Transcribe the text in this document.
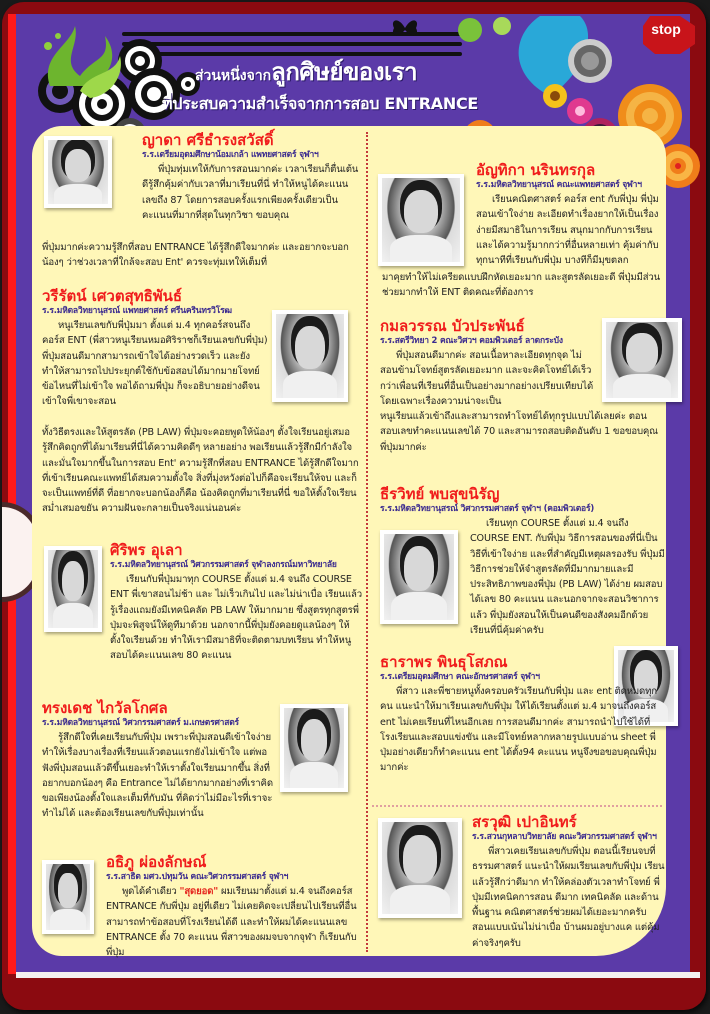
stop
ส่วนหนึ่งจากลูกศิษย์ของเรา
ที่ประสบความสำเร็จจากการสอบ ENTRANCE
ญาดา ศรีธำรงสวัสดิ์
ร.ร.เตรียมอุดมศึกษาน้อมเกล้า แพทยศาสตร์ จุฬาฯ
พี่ปุ่มทุ่มเทให้กับการสอนมากค่ะ เวลาเรียนก็ตื่นเต้นดีรู้สึกคุ้มค่ากับเวลาที่มาเรียนที่นี่ ทำให้หนูได้คะแนนเลขถึง 87 โดยการสอบครั้งแรกเพียงครั้งเดียวเป็นคะแนนที่มากที่สุดในทุกวิชา ขอบคุณ
พี่ปุ่มมากค่ะความรู้สึกที่สอบ ENTRANCE ได้รู้สึกดีใจมากค่ะ และอยากจะบอกน้องๆ ว่าช่วงเวลาที่ใกล้จะสอบ Ent' ควรจะทุ่มเทให้เต็มที่
วรีรัตน์ เศวตสุทธิพันธ์
ร.ร.มหิดลวิทยานุสรณ์ แพทยศาสตร์ ศรีนครินทรวิโรฒ
หนูเรียนเลขกับพี่ปุ่มมา ตั้งแต่ ม.4 ทุกคอร์สจนถึงคอร์ส ENT (พี่สาวหนูเรียนหมอศิริราชก็เรียนเลขกับพี่ปุ่ม) พี่ปุ่มสอนดีมากสามารถเข้าใจได้อย่างรวดเร็ว และยังทำให้สามารถไปประยุกต์ใช้กับข้อสอบได้มากมายโจทย์ข้อไหนที่ไม่เข้าใจ พอได้ถามพี่ปุ่ม ก็จะอธิบายอย่างดีจนเข้าใจพี่เขาจะสอน
ทั้งวิธีตรงและให้สูตรลัด (PB LAW) พี่ปุ่มจะคอยพูดให้น้องๆ ตั้งใจเรียนอยู่เสมอ รู้สึกคิดถูกที่ได้มาเรียนที่นี่ได้ความคิดดีๆ หลายอย่าง พอเรียนแล้วรู้สึกมีกำลังใจและมั่นใจมากขึ้นในการสอบ Ent' ความรู้สึกที่สอบ ENTRANCE ได้รู้สึกดีใจมากที่เข้าเรียนคณะแพทย์ได้สมความตั้งใจ สิ่งที่มุ่งหวังต่อไปก็คือจะเรียนให้จบ และก็จะเป็นแพทย์ที่ดี ที่อยากจะบอกน้องก็คือ น้องคิดถูกที่มาเรียนที่นี่ ขอให้ตั้งใจเรียนสม่ำเสมอขยัน ความฝันจะกลายเป็นจริงแน่นอนค่ะ
ศิริพร อุเลา
ร.ร.มหิดลวิทยานุสรณ์ วิศวกรรมศาสตร์ จุฬาลงกรณ์มหาวิทยาลัย
เรียนกับพี่ปุ่มมาทุก COURSE ตั้งแต่ ม.4 จนถึง COURSE ENT พี่เขาสอนไม่ช้า และ ไม่เร็วเกินไป และไม่น่าเบื่อ เรียนแล้วรู้เรื่องแถมยังมีเทคนิคลัด PB LAW ให้มากมาย ซึ่งสูตรทุกสูตรพี่ปุ่มจะพิสูจน์ให้ดูทีมาด้วย นอกจากนี้พี่ปุ่มยังคอยดูแลน้องๆ ให้ตั้งใจเรียนด้วย ทำให้เรามีสมาธิที่จะติดตามบทเรียน ทำให้หนูสอบได้คะแนนเลข 80 คะแนน
ทรงเดช ไกวัลโกศล
ร.ร.มหิดลวิทยานุสรณ์ วิศวกรรมศาสตร์ ม.เกษตรศาสตร์
รู้สึกดีใจที่เคยเรียนกับพี่ปุ่ม เพราะพี่ปุ่มสอนดีเข้าใจง่ายทำให้เรื่องบางเรื่องที่เรียนแล้วตอนแรกยังไม่เข้าใจ แต่พอฟังพี่ปุ่มสอนแล้วดีขึ้นเยอะทำให้เราตั้งใจเรียนมากขึ้น สิ่งที่อยากบอกน้องๆ คือ Entrance ไม่ได้ยากมากอย่างที่เราคิด ขอเพียงน้องตั้งใจและเต็มที่กับมัน ที่คิดว่าไม่มีอะไรที่เราจะทำไม่ได้ และต้องเรียนเลขกับพี่ปุ่มเท่านั้น
อธิภู ผ่องลักษณ์
ร.ร.สาธิต มศว.ปทุมวัน คณะวิศวกรรมศาสตร์ จุฬาฯ
พูดได้คำเดียว "สุดยอด" ผมเรียนมาตั้งแต่ ม.4 จนถึงคอร์ส ENTRANCE กับพี่ปุ่ม อยู่ที่เดียว ไม่เคยคิดจะเปลี่ยนไปเรียนที่อื่น สามารถทำข้อสอบที่โรงเรียนได้ดี และทำให้ผมได้คะแนนเลข ENTRANCE ตั้ง 70 คะแนน พี่สาวของผมจบจากจุฬา ก็เรียนกับพี่ปุ่ม
อัญทิกา นรินทรกุล
ร.ร.มหิดลวิทยานุสรณ์ คณะแพทยศาสตร์ จุฬาฯ
เรียนคณิตศาสตร์ คอร์ส ent กับพี่ปุ่ม พี่ปุ่มสอนเข้าใจง่าย ละเอียดทำเรื่องยากให้เป็นเรื่องง่ายมีสมาธิในการเรียน สนุกมากกับการเรียน และได้ความรู้มากกว่าที่อื่นหลายเท่า คุ้มค่ากับทุกนาทีที่เรียนกับพี่ปุ่ม บางทีก็มีมุขตลก
มาคุยทำให้ไม่เครียดแบบฝึกหัดเยอะมาก และสูตรลัดเยอะดี พี่ปุ่มมีส่วนช่วยมากทำให้ ENT ติดคณะที่ต้องการ
กมลวรรณ บัวประพันธ์
ร.ร.สตรีวิทยา 2 คณะวิศวฯ คอมพิวเตอร์ ลาดกระบัง
พี่ปุ่มสอนดีมากค่ะ สอนเนื้อหาละเอียดทุกจุด ไม่สอนข้ามโจทย์สูตรลัดเยอะมาก และจะคิดโจทย์ได้เร็วกว่าเพื่อนที่เรียนที่อื่นเป็นอย่างมากอย่างเปรียบเทียบได้ โดยเฉพาะเรื่องความน่าจะเป็น
หนูเรียนแล้วเข้าถึงและสามารถทำโจทย์ได้ทุกรูปแบบได้เลยค่ะ ตอนสอบเลขทำคะแนนเลขได้ 70 และสามารถสอบติดอันดับ 1 ขอขอบคุณพี่ปุ่มมากค่ะ
ธีรวิทย์ พบสุขนิรัญ
ร.ร.มหิดลวิทยานุสรณ์ วิศวกรรมศาสตร์ จุฬาฯ (คอมพิวเตอร์)
เรียนทุก COURSE ตั้งแต่ ม.4 จนถึง COURSE ENT. กับพี่ปุ่ม วิธีการสอนของที่นี่เป็นวิธีที่เข้าใจง่าย และที่สำคัญมีเหตุผลรองรับ พี่ปุ่มมีวิธีการช่วยให้จำสูตรลัดที่มีมากมายและมีประสิทธิภาพของพี่ปุ่ม (PB LAW) ได้ง่าย ผมสอบได้เลข 80 คะแนน และนอกจากจะสอนวิชาการแล้ว พี่ปุ่มยังสอนให้เป็นคนดีของสังคมอีกด้วย เรียนที่นี่คุ้มค่าครับ
ธาราพร พินธุโสภณ
ร.ร.เตรียมอุดมศึกษา คณะอักษรศาสตร์ จุฬาฯ
พี่สาว และพี่ชายหนูทั้งครอบครัวเรียนกับพี่ปุ่ม และ ent ติดหมดทุกคน แนะนำให้มาเรียนเลขกับพี่ปุ่ม ให้ได้เรียนตั้งแต่ ม.4 มาจนถึงคอร์ส ent ไม่เคยเรียนที่ไหนอีกเลย การสอนดีมากค่ะ สามารถนำไปใช้ได้ที่โรงเรียนและสอบแข่งขัน และมีโจทย์หลากหลายรูปแบบอ่าน sheet พี่ปุ่มอย่างเดียวก็ทำคะแนน ent ได้ตั้ง94 คะแนน หนูจึงขอขอบคุณพี่ปุ่มมากค่ะ
สรวุฒิ เปาอินทร์
ร.ร.สวนกุหลาบวิทยาลัย คณะวิศวกรรมศาสตร์ จุฬาฯ
พี่สาวเคยเรียนเลขกับพี่ปุ่ม ตอนนี้เรียนจบที่ธรรมศาสตร์ แนะนำให้ผมเรียนเลขกับพี่ปุ่ม เรียนแล้วรู้สึกว่าดีมาก ทำให้คล่องตัวเวลาทำโจทย์ พี่ปุ่มมีเทคนิคการสอน ดีมาก เทคนิคลัด และด้านพื้นฐาน คณิตศาสตร์ช่วยผมได้เยอะมากครับ สอนแบบเน้นไม่น่าเบื่อ บ้านผมอยู่บางแค แต่คุ้มค่าจริงๆครับ
